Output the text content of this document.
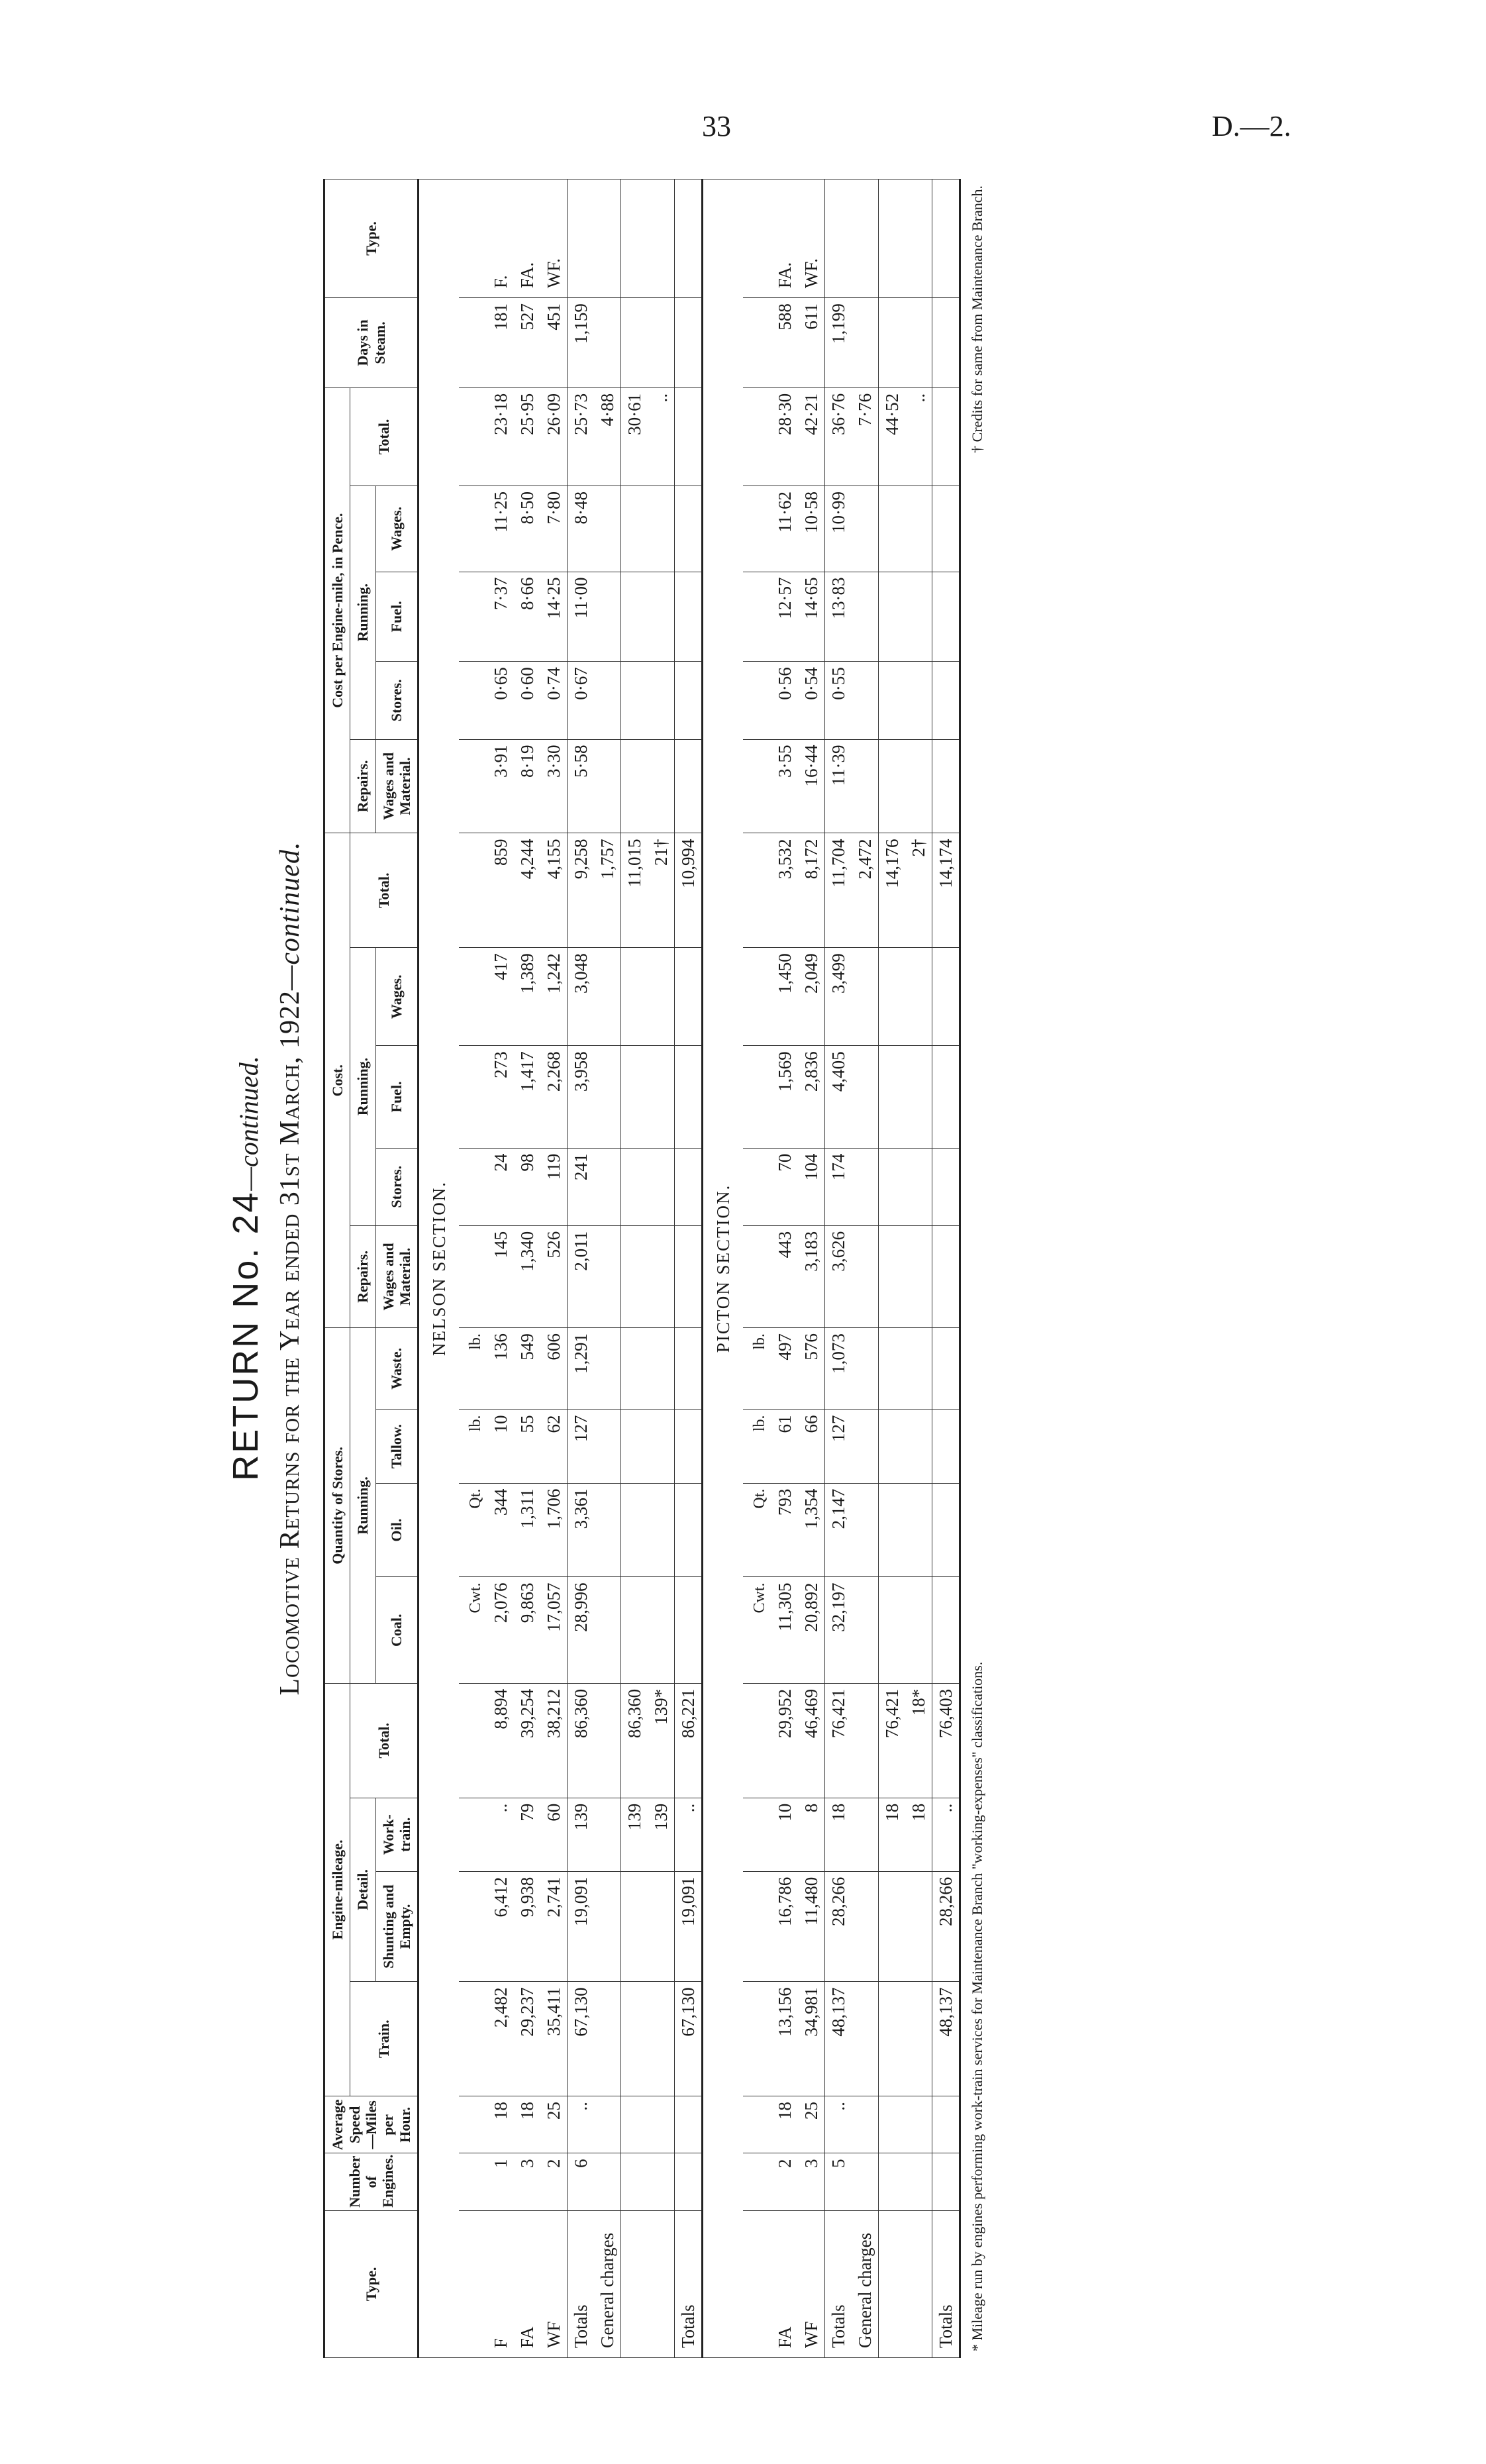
33	D.—2.
RETURN No. 24—continued. Locomotive Returns for the Year ended 31st March, 1922—continued.
Type.	Number of Engines.	Average Speed—Miles per Hour.	Engine-mileage.				Quantity of Stores.				Cost.					Cost per Engine-mile, in Pence.					Days in Steam.	Type.
			Train.	Detail.		Total.	Running.				Repairs.	Running.			Total.	Repairs.	Running.			Total.		
				Shunting and Empty.	Work-train.		Coal.	Oil.	Tallow.	Waste.	Wages and Material.	Stores.	Fuel.	Wages.		Wages and Material.	Stores.	Fuel.	Wages.			
NELSON SECTION.																						
							Cwt.	Qt.	lb.	lb.												
F	1	18	2,482	6,412	..	8,894	2,076	344	10	136	145	24	273	417	859	3·91	0·65	7·37	11·25	23·18	181	F.
FA	3	18	29,237	9,938	79	39,254	9,863	1,311	55	549	1,340	98	1,417	1,389	4,244	8·19	0·60	8·66	8·50	25·95	527	FA.
WF	2	25	35,411	2,741	60	38,212	17,057	1,706	62	606	526	119	2,268	1,242	4,155	3·30	0·74	14·25	7·80	26·09	451	WF.
Totals	6	..	67,130	19,091	139	86,360	28,996	3,361	127	1,291	2,011	241	3,958	3,048	9,258	5·58	0·67	11·00	8·48	25·73	1,159	
General charges															1,757					4·88		
					139	86,360									11,015					30·61		
					139	139*									21†					..		
Totals			67,130	19,091	..	86,221									10,994							
PICTON SECTION.																						
							Cwt.	Qt.	lb.	lb.												
FA	2	18	13,156	16,786	10	29,952	11,305	793	61	497	443	70	1,569	1,450	3,532	3·55	0·56	12·57	11·62	28·30	588	FA.
WF	3	25	34,981	11,480	8	46,469	20,892	1,354	66	576	3,183	104	2,836	2,049	8,172	16·44	0·54	14·65	10·58	42·21	611	WF.
Totals	5	..	48,137	28,266	18	76,421	32,197	2,147	127	1,073	3,626	174	4,405	3,499	11,704	11·39	0·55	13·83	10·99	36·76	1,199	
General charges															2,472					7·76		
					18	76,421									14,176					44·52		
					18	18*									2†					..		
Totals			48,137	28,266	..	76,403									14,174							
* Mileage run by engines performing work-train services for Maintenance Branch "working-expenses" classifications.
† Credits for same from Maintenance Branch.
